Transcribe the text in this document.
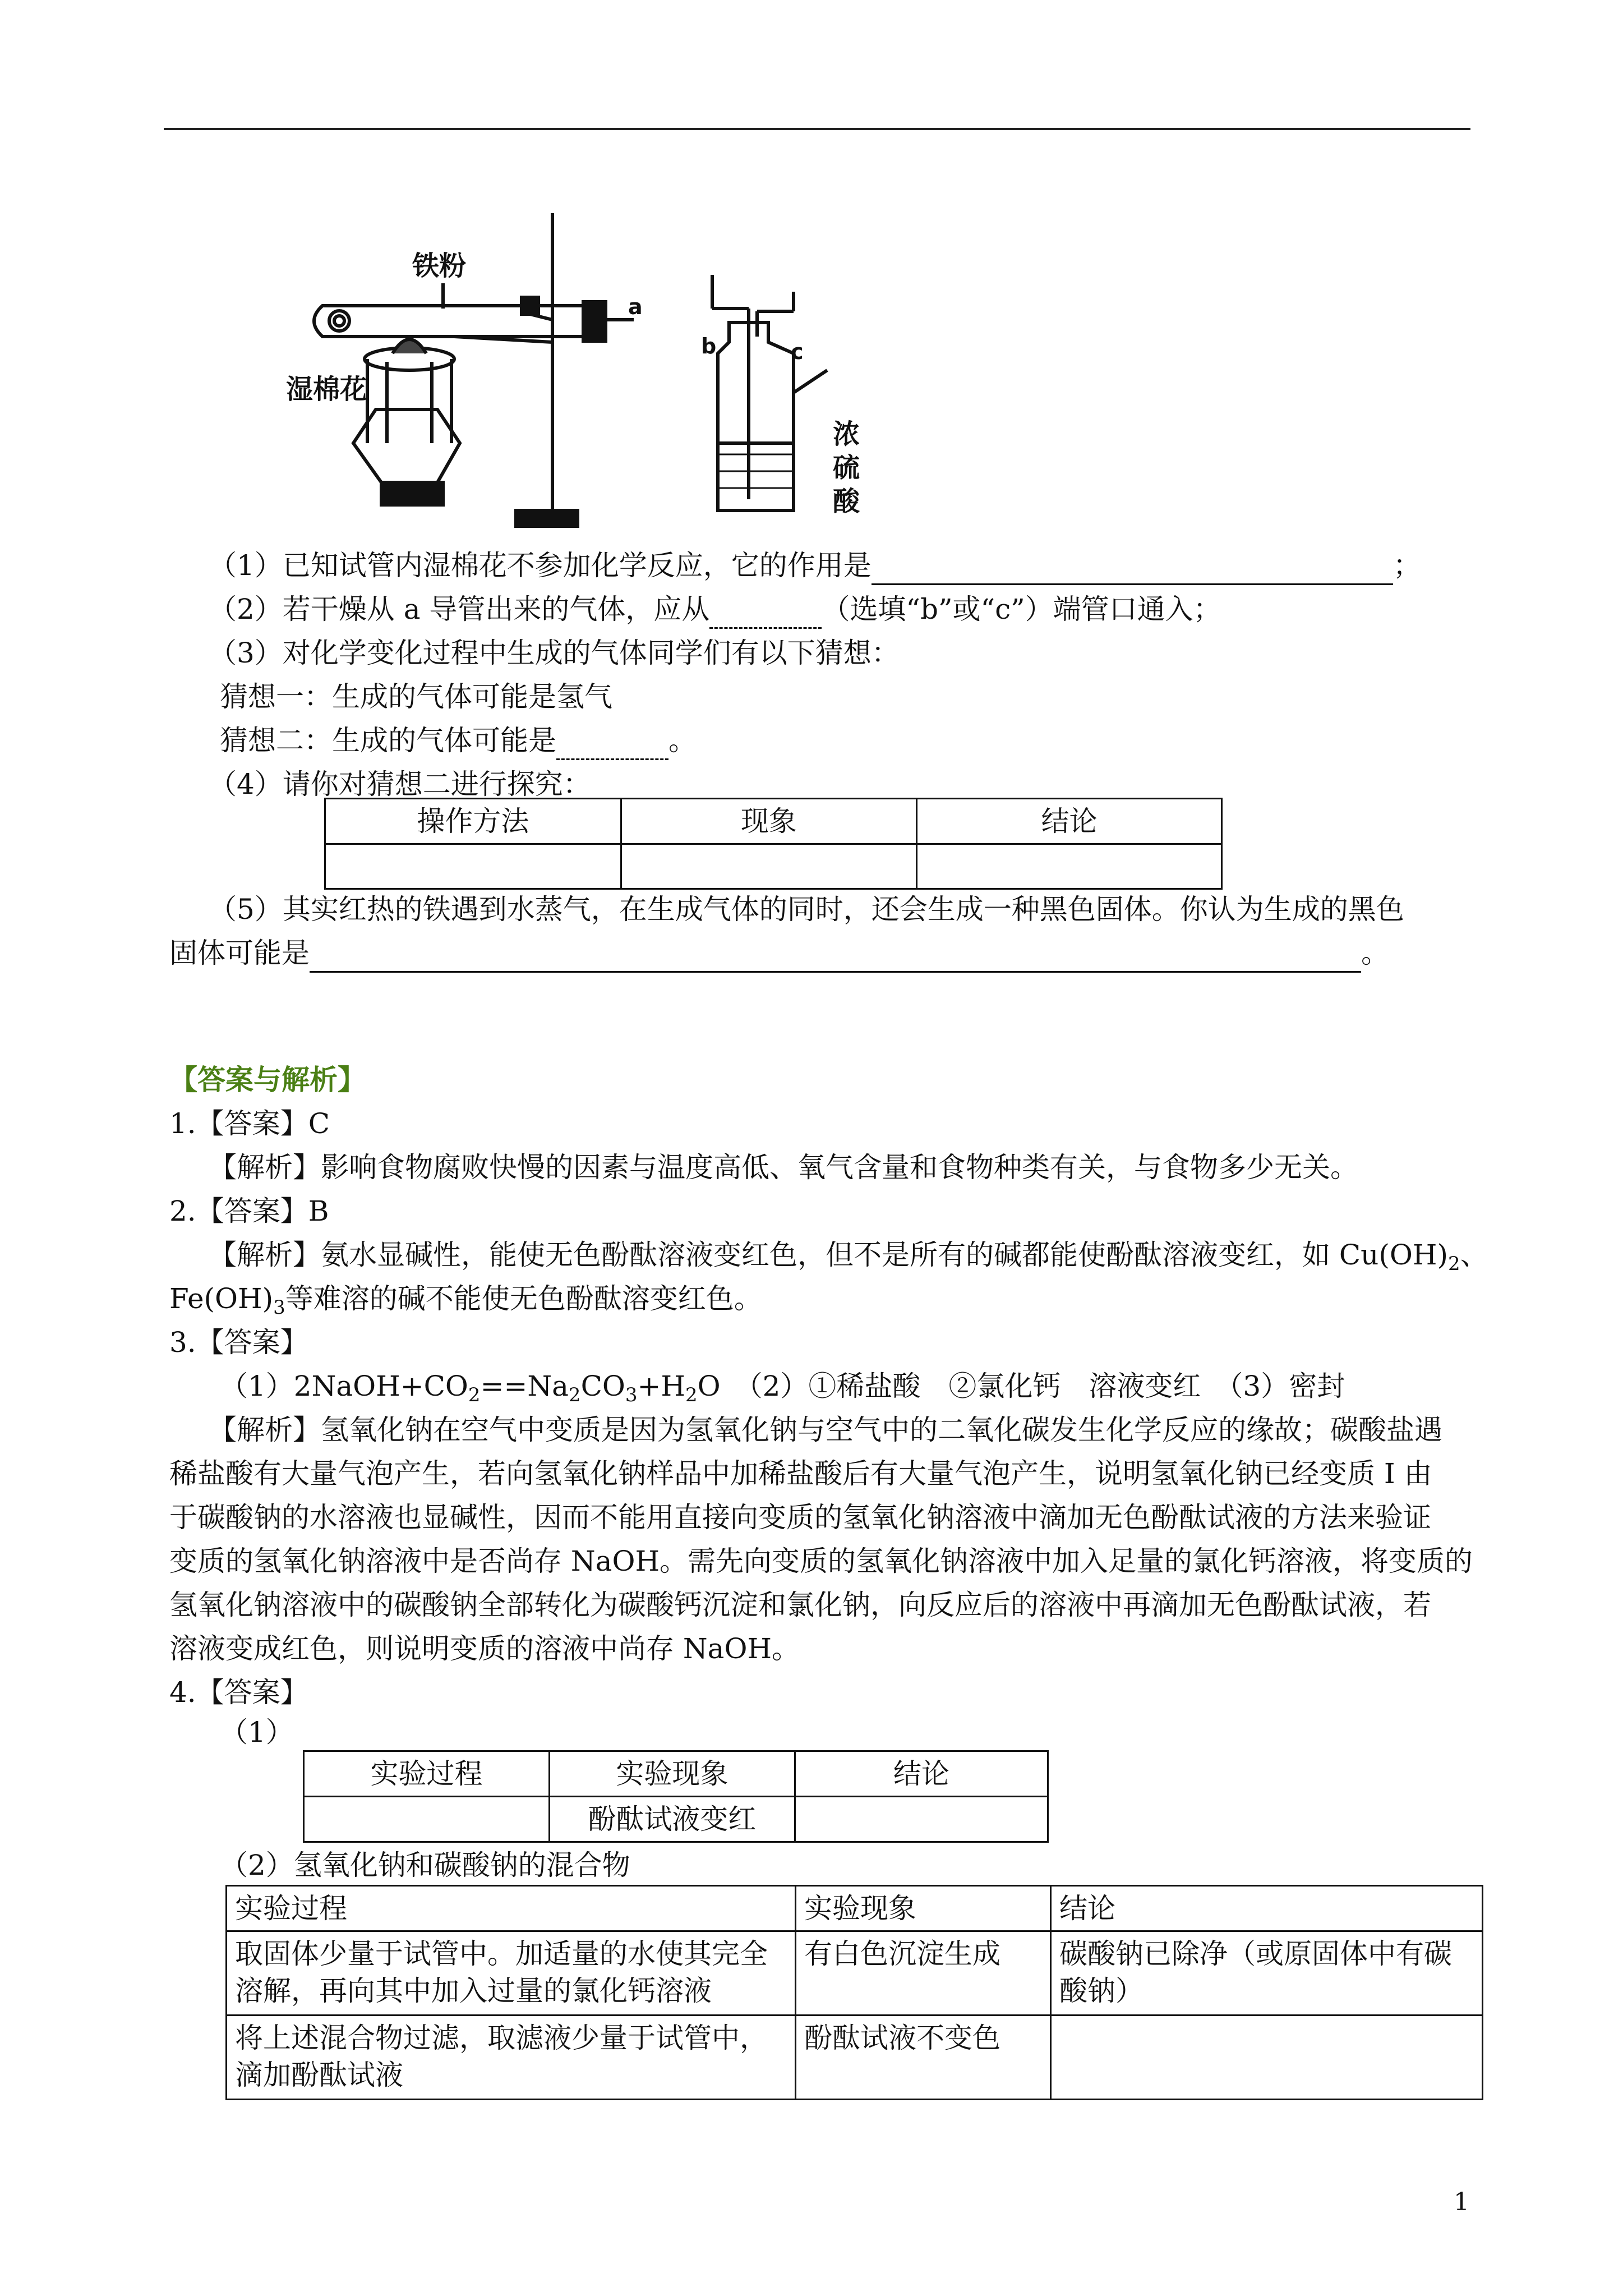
铁粉
湿棉花
a
b	c
浓
硫
酸
（1）已知试管内湿棉花不参加化学反应，它的作用是	；
（2）若干燥从 a 导管出来的气体，应从	（选填“b”或“c”）端管口通入；
（3）对化学变化过程中生成的气体同学们有以下猜想：
猜想一：生成的气体可能是氢气
猜想二：生成的气体可能是	。
（4）请你对猜想二进行探究：
操作方法	现象	结论

（5）其实红热的铁遇到水蒸气，在生成气体的同时，还会生成一种黑色固体。你认为生成的黑色
固体可能是	。
【答案与解析】
1.【答案】C
【解析】影响食物腐败快慢的因素与温度高低、氧气含量和食物种类有关，与食物多少无关。
2.【答案】B
【解析】氨水显碱性，能使无色酚酞溶液变红色，但不是所有的碱都能使酚酞溶液变红，如 $Cu(OH)_2$、
$Fe(OH)_3$等难溶的碱不能使无色酚酞溶变红色。
3.【答案】
$(1)2NaOH+CO_2==Na_2CO_3+H_2O$　（2）①稀盐酸　②氯化钙　溶液变红　（3）密封
【解析】氢氧化钠在空气中变质是因为氢氧化钠与空气中的二氧化碳发生化学反应的缘故；碳酸盐遇
稀盐酸有大量气泡产生，若向氢氧化钠样品中加稀盐酸后有大量气泡产生，说明氢氧化钠已经变质 I 由
于碳酸钠的水溶液也显碱性，因而不能用直接向变质的氢氧化钠溶液中滴加无色酚酞试液的方法来验证
变质的氢氧化钠溶液中是否尚存 NaOH。需先向变质的氢氧化钠溶液中加入足量的氯化钙溶液，将变质的
氢氧化钠溶液中的碳酸钠全部转化为碳酸钙沉淀和氯化钠，向反应后的溶液中再滴加无色酚酞试液，若
溶液变成红色，则说明变质的溶液中尚存 NaOH。
4.【答案】
（1）
实验过程	实验现象	结论
	酚酞试液变红	
（2）氢氧化钠和碳酸钠的混合物
实验过程	实验现象	结论
取固体少量于试管中。加适量的水使其完全溶解，再向其中加入过量的氯化钙溶液	有白色沉淀生成	碳酸钠已除净（或原固体中有碳酸钠）
将上述混合物过滤，取滤液少量于试管中，滴加酚酞试液	酚酞试液不变色	
1
